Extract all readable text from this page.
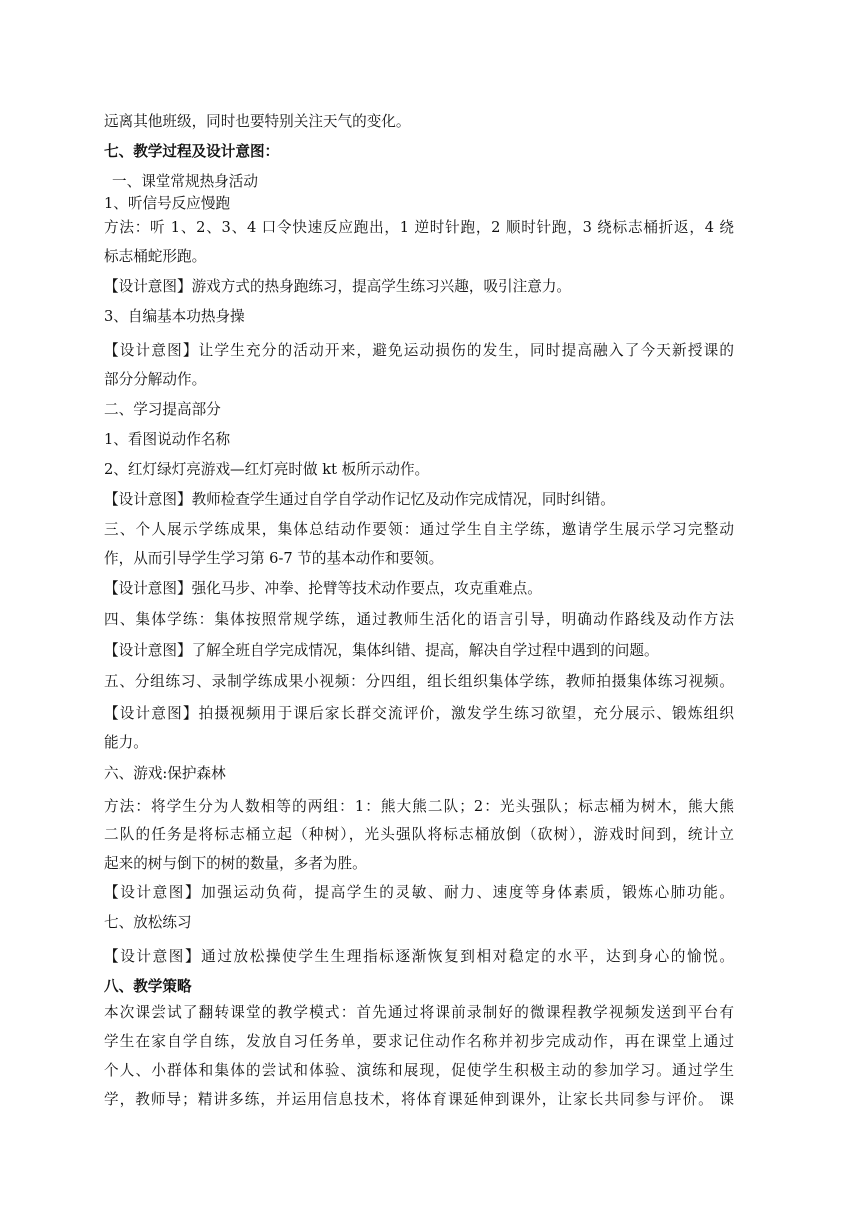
远离其他班级，同时也要特别关注天气的变化。
七、教学过程及设计意图：
一、课堂常规热身活动
1、听信号反应慢跑
方法：听 1、2、3、4 口令快速反应跑出，1 逆时针跑，2 顺时针跑，3 绕标志桶折返，4 绕
标志桶蛇形跑。
【设计意图】游戏方式的热身跑练习，提高学生练习兴趣，吸引注意力。
3、自编基本功热身操
【设计意图】让学生充分的活动开来，避免运动损伤的发生，同时提高融入了今天新授课的
部分分解动作。
二、学习提高部分
1、看图说动作名称
2、红灯绿灯亮游戏—红灯亮时做 kt 板所示动作。
【设计意图】教师检查学生通过自学自学动作记忆及动作完成情况，同时纠错。
三、个人展示学练成果，集体总结动作要领：通过学生自主学练，邀请学生展示学习完整动
作，从而引导学生学习第 6-7 节的基本动作和要领。
【设计意图】强化马步、冲拳、抡臂等技术动作要点，攻克重难点。
四、集体学练：集体按照常规学练，通过教师生活化的语言引导，明确动作路线及动作方法
【设计意图】了解全班自学完成情况，集体纠错、提高，解决自学过程中遇到的问题。
五、分组练习、录制学练成果小视频：分四组，组长组织集体学练，教师拍摄集体练习视频。
【设计意图】拍摄视频用于课后家长群交流评价，激发学生练习欲望，充分展示、锻炼组织
能力。
六、游戏:保护森林
方法：将学生分为人数相等的两组：1：熊大熊二队；2：光头强队；标志桶为树木，熊大熊
二队的任务是将标志桶立起（种树），光头强队将标志桶放倒（砍树），游戏时间到，统计立
起来的树与倒下的树的数量，多者为胜。
【设计意图】加强运动负荷，提高学生的灵敏、耐力、速度等身体素质，锻炼心肺功能。
七、放松练习
【设计意图】通过放松操使学生生理指标逐渐恢复到相对稳定的水平，达到身心的愉悦。
八、教学策略
本次课尝试了翻转课堂的教学模式：首先通过将课前录制好的微课程教学视频发送到平台有
学生在家自学自练，发放自习任务单，要求记住动作名称并初步完成动作，再在课堂上通过
个人、小群体和集体的尝试和体验、演练和展现，促使学生积极主动的参加学习。通过学生
学，教师导；精讲多练，并运用信息技术，将体育课延伸到课外，让家长共同参与评价。 课
